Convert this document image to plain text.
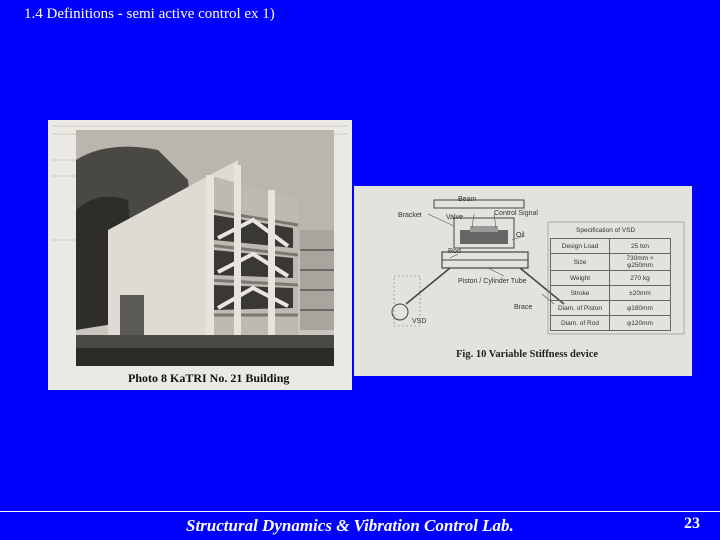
1.4 Definitions - semi active control ex 1)
Photo 8 KaTRI No. 21 Building
Beam
Bracket	Valve
Control Signal
Oil
Rod
Piston / Cylinder Tube
Brace
VSD
Specification of VSD
Design Load	25 ton
Size	730mm × φ250mm
Weight	270 kg
Stroke	±20mm
Diam. of Piston	φ180mm
Diam. of Rod	φ120mm
Fig. 10 Variable Stiffness device
Structural Dynamics & Vibration Control Lab.	23
